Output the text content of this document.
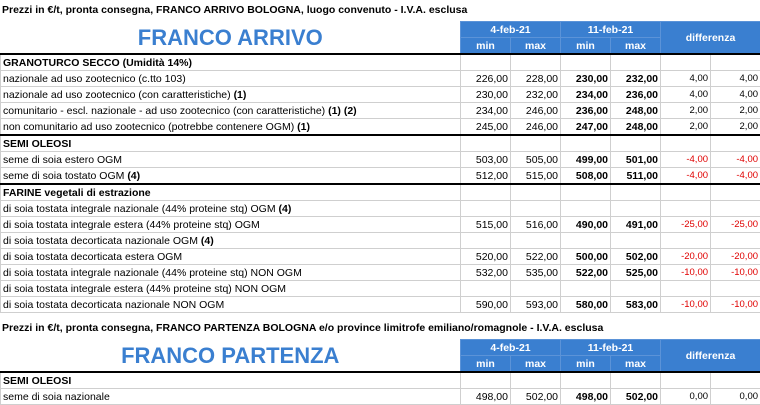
Prezzi in €/t, pronta consegna, FRANCO ARRIVO BOLOGNA, luogo convenuto - I.V.A. esclusa
FRANCO ARRIVO	4-feb-21		11-feb-21		differenza	
	min	max	min	max		
GRANOTURCO SECCO (Umidità 14%)						
nazionale ad uso zootecnico (c.tto 103)	226,00	228,00	230,00	232,00	4,00	4,00
nazionale ad uso zootecnico (con caratteristiche) (1)	230,00	232,00	234,00	236,00	4,00	4,00
comunitario - escl. nazionale - ad uso zootecnico (con caratteristiche) (1) (2)	234,00	246,00	236,00	248,00	2,00	2,00
non comunitario ad uso zootecnico (potrebbe contenere OGM) (1)	245,00	246,00	247,00	248,00	2,00	2,00
SEMI OLEOSI						
seme di soia estero OGM	503,00	505,00	499,00	501,00	-4,00	-4,00
seme di soia tostato OGM (4)	512,00	515,00	508,00	511,00	-4,00	-4,00
FARINE vegetali di estrazione						
di soia tostata integrale nazionale (44% proteine stq) OGM (4)						
di soia tostata integrale estera (44% proteine stq) OGM	515,00	516,00	490,00	491,00	-25,00	-25,00
di soia tostata decorticata nazionale OGM (4)						
di soia tostata decorticata estera OGM	520,00	522,00	500,00	502,00	-20,00	-20,00
di soia tostata integrale nazionale (44% proteine stq) NON OGM	532,00	535,00	522,00	525,00	-10,00	-10,00
di soia tostata integrale estera (44% proteine stq) NON OGM						
di soia tostata decorticata nazionale NON OGM	590,00	593,00	580,00	583,00	-10,00	-10,00
Prezzi in €/t, pronta consegna, FRANCO PARTENZA BOLOGNA e/o province limitrofe emiliano/romagnole - I.V.A. esclusa
FRANCO PARTENZA	4-feb-21		11-feb-21		differenza	
	min	max	min	max		
SEMI OLEOSI						
seme di soia nazionale	498,00	502,00	498,00	502,00	0,00	0,00
